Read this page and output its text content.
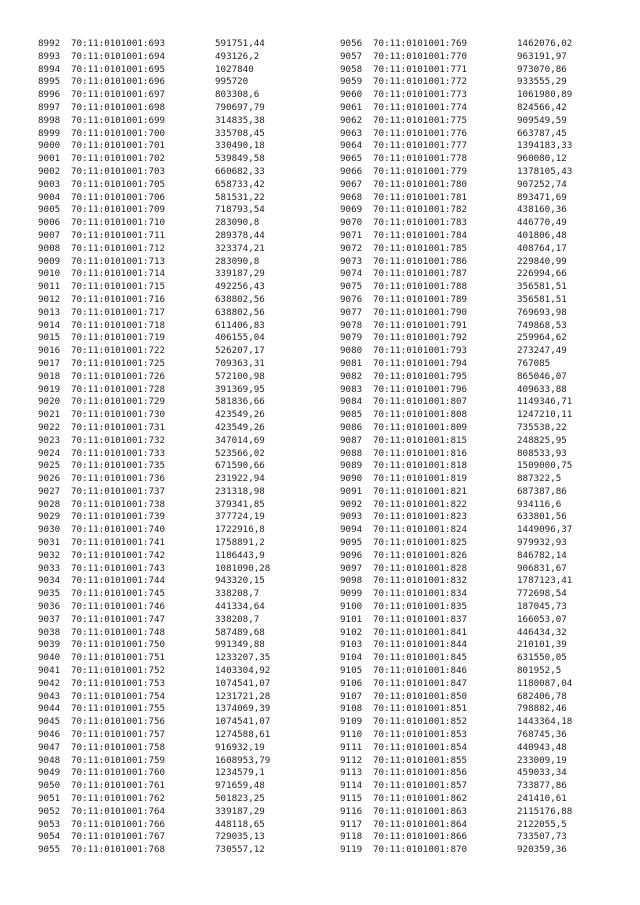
8992 70:11:0101001:693	591751,44
8993 70:11:0101001:694	493126,2
8994 70:11:0101001:695	1027840
8995 70:11:0101001:696	995720
8996 70:11:0101001:697	803308,6
8997 70:11:0101001:698	790697,79
8998 70:11:0101001:699	314835,38
8999 70:11:0101001:700	335708,45
9000 70:11:0101001:701	330490,18
9001 70:11:0101001:702	539849,58
9002 70:11:0101001:703	660682,33
9003 70:11:0101001:705	658733,42
9004 70:11:0101001:706	581531,22
9005 70:11:0101001:709	718793,54
9006 70:11:0101001:710	283090,8
9007 70:11:0101001:711	289378,44
9008 70:11:0101001:712	323374,21
9009 70:11:0101001:713	283090,8
9010 70:11:0101001:714	339187,29
9011 70:11:0101001:715	492256,43
9012 70:11:0101001:716	638802,56
9013 70:11:0101001:717	638802,56
9014 70:11:0101001:718	611406,83
9015 70:11:0101001:719	406155,04
9016 70:11:0101001:722	526207,17
9017 70:11:0101001:725	709363,31
9018 70:11:0101001:726	572100,98
9019 70:11:0101001:728	391369,95
9020 70:11:0101001:729	581836,66
9021 70:11:0101001:730	423549,26
9022 70:11:0101001:731	423549,26
9023 70:11:0101001:732	347014,69
9024 70:11:0101001:733	523566,02
9025 70:11:0101001:735	671590,66
9026 70:11:0101001:736	231922,94
9027 70:11:0101001:737	231318,98
9028 70:11:0101001:738	379341,85
9029 70:11:0101001:739	377724,19
9030 70:11:0101001:740	1722916,8
9031 70:11:0101001:741	1758891,2
9032 70:11:0101001:742	1186443,9
9033 70:11:0101001:743	1081090,28
9034 70:11:0101001:744	943320,15
9035 70:11:0101001:745	338208,7
9036 70:11:0101001:746	441334,64
9037 70:11:0101001:747	338208,7
9038 70:11:0101001:748	587489,68
9039 70:11:0101001:750	991349,88
9040 70:11:0101001:751	1233207,35
9041 70:11:0101001:752	1403304,92
9042 70:11:0101001:753	1074541,07
9043 70:11:0101001:754	1231721,28
9044 70:11:0101001:755	1374069,39
9045 70:11:0101001:756	1074541,07
9046 70:11:0101001:757	1274588,61
9047 70:11:0101001:758	916932,19
9048 70:11:0101001:759	1608953,79
9049 70:11:0101001:760	1234579,1
9050 70:11:0101001:761	971659,48
9051 70:11:0101001:762	501823,25
9052 70:11:0101001:764	339187,29
9053 70:11:0101001:766	448118,65
9054 70:11:0101001:767	729035,13
9055 70:11:0101001:768	730557,12
9056 70:11:0101001:769	1462076,02
9057 70:11:0101001:770	963191,97
9058 70:11:0101001:771	973070,86
9059 70:11:0101001:772	933555,29
9060 70:11:0101001:773	1061980,89
9061 70:11:0101001:774	824566,42
9062 70:11:0101001:775	909549,59
9063 70:11:0101001:776	663787,45
9064 70:11:0101001:777	1394183,33
9065 70:11:0101001:778	960080,12
9066 70:11:0101001:779	1378105,43
9067 70:11:0101001:780	907252,74
9068 70:11:0101001:781	893471,69
9069 70:11:0101001:782	438160,36
9070 70:11:0101001:783	446770,49
9071 70:11:0101001:784	401806,48
9072 70:11:0101001:785	408764,17
9073 70:11:0101001:786	229840,99
9074 70:11:0101001:787	226994,66
9075 70:11:0101001:788	356581,51
9076 70:11:0101001:789	356581,51
9077 70:11:0101001:790	769693,98
9078 70:11:0101001:791	749868,53
9079 70:11:0101001:792	259964,62
9080 70:11:0101001:793	273247,49
9081 70:11:0101001:794	767085
9082 70:11:0101001:795	865046,07
9083 70:11:0101001:796	409633,88
9084 70:11:0101001:807	1149346,71
9085 70:11:0101001:808	1247210,11
9086 70:11:0101001:809	735538,22
9087 70:11:0101001:815	248825,95
9088 70:11:0101001:816	808533,93
9089 70:11:0101001:818	1509000,75
9090 70:11:0101001:819	887322,5
9091 70:11:0101001:821	687387,86
9092 70:11:0101001:822	934116,6
9093 70:11:0101001:823	633801,56
9094 70:11:0101001:824	1449096,37
9095 70:11:0101001:825	979932,93
9096 70:11:0101001:826	846782,14
9097 70:11:0101001:828	906831,67
9098 70:11:0101001:832	1787123,41
9099 70:11:0101001:834	772698,54
9100 70:11:0101001:835	187045,73
9101 70:11:0101001:837	166053,07
9102 70:11:0101001:841	446434,32
9103 70:11:0101001:844	210101,39
9104 70:11:0101001:845	631550,05
9105 70:11:0101001:846	801952,5
9106 70:11:0101001:847	1180087,04
9107 70:11:0101001:850	682406,78
9108 70:11:0101001:851	798882,46
9109 70:11:0101001:852	1443364,18
9110 70:11:0101001:853	768745,36
9111 70:11:0101001:854	440943,48
9112 70:11:0101001:855	233009,19
9113 70:11:0101001:856	459033,34
9114 70:11:0101001:857	733877,86
9115 70:11:0101001:862	241410,61
9116 70:11:0101001:863	2115176,88
9117 70:11:0101001:864	2122055,5
9118 70:11:0101001:866	733507,73
9119 70:11:0101001:870	920359,36
